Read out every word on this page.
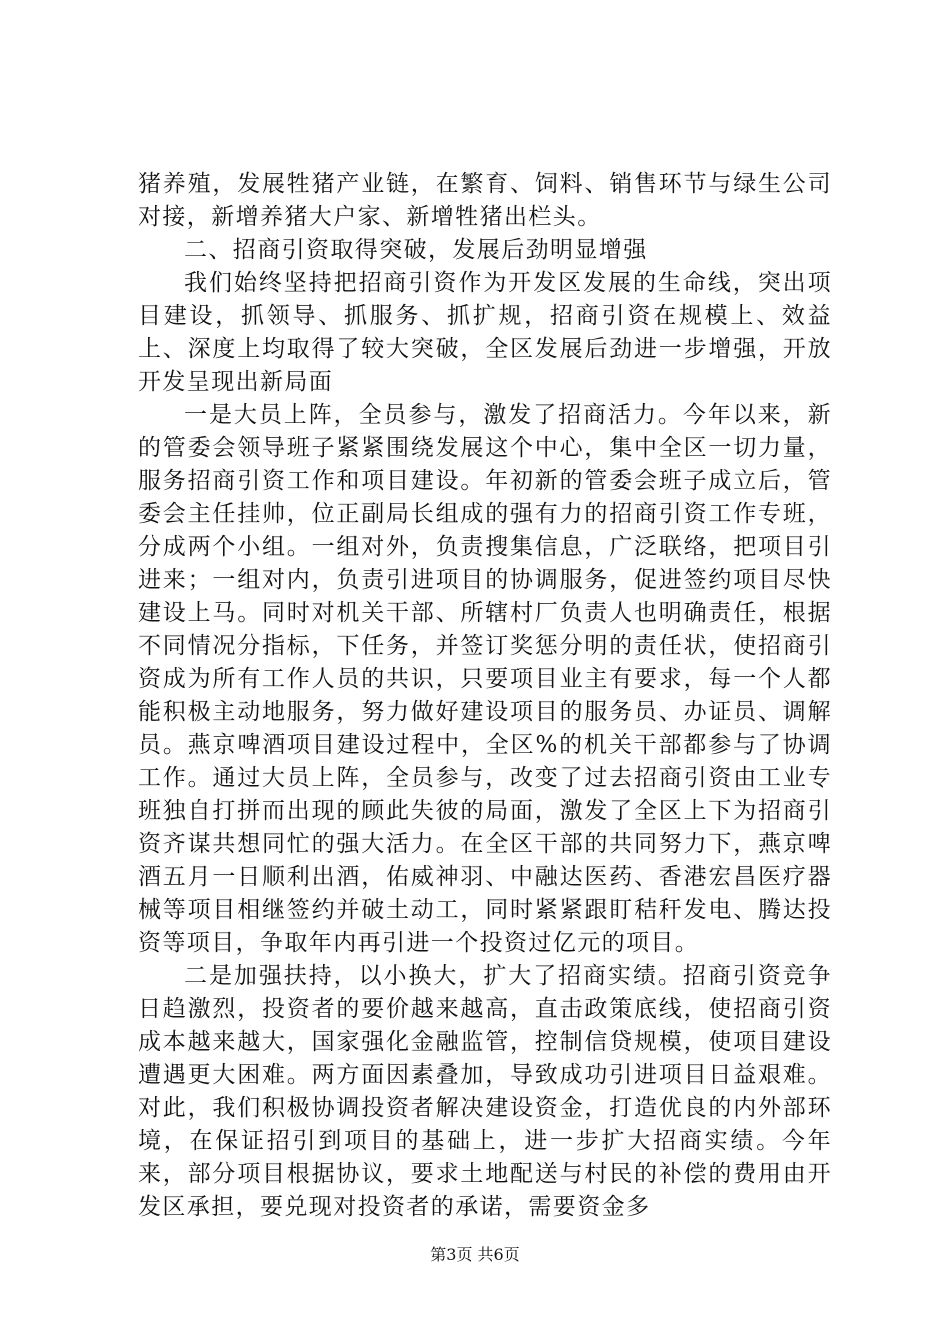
猪养殖，发展牲猪产业链，在繁育、饲料、销售环节与绿生公司对接，新增养猪大户家、新增牲猪出栏头。

二、招商引资取得突破，发展后劲明显增强

我们始终坚持把招商引资作为开发区发展的生命线，突出项目建设，抓领导、抓服务、抓扩规，招商引资在规模上、效益上、深度上均取得了较大突破，全区发展后劲进一步增强，开放开发呈现出新局面

一是大员上阵，全员参与，激发了招商活力。今年以来，新的管委会领导班子紧紧围绕发展这个中心，集中全区一切力量，服务招商引资工作和项目建设。年初新的管委会班子成立后，管委会主任挂帅，位正副局长组成的强有力的招商引资工作专班，分成两个小组。一组对外，负责搜集信息，广泛联络，把项目引进来；一组对内，负责引进项目的协调服务，促进签约项目尽快建设上马。同时对机关干部、所辖村厂负责人也明确责任，根据不同情况分指标，下任务，并签订奖惩分明的责任状，使招商引资成为所有工作人员的共识，只要项目业主有要求，每一个人都能积极主动地服务，努力做好建设项目的服务员、办证员、调解员。燕京啤酒项目建设过程中，全区%的机关干部都参与了协调工作。通过大员上阵，全员参与，改变了过去招商引资由工业专班独自打拼而出现的顾此失彼的局面，激发了全区上下为招商引资齐谋共想同忙的强大活力。在全区干部的共同努力下，燕京啤酒五月一日顺利出酒，佑威神羽、中融达医药、香港宏昌医疗器械等项目相继签约并破土动工，同时紧紧跟盯秸秆发电、腾达投资等项目，争取年内再引进一个投资过亿元的项目。

二是加强扶持，以小换大，扩大了招商实绩。招商引资竞争日趋激烈，投资者的要价越来越高，直击政策底线，使招商引资成本越来越大，国家强化金融监管，控制信贷规模，使项目建设遭遇更大困难。两方面因素叠加，导致成功引进项目日益艰难。对此，我们积极协调投资者解决建设资金，打造优良的内外部环境，在保证招引到项目的基础上，进一步扩大招商实绩。今年来，部分项目根据协议，要求土地配送与村民的补偿的费用由开发区承担，要兑现对投资者的承诺，需要资金多

第3页 共6页
